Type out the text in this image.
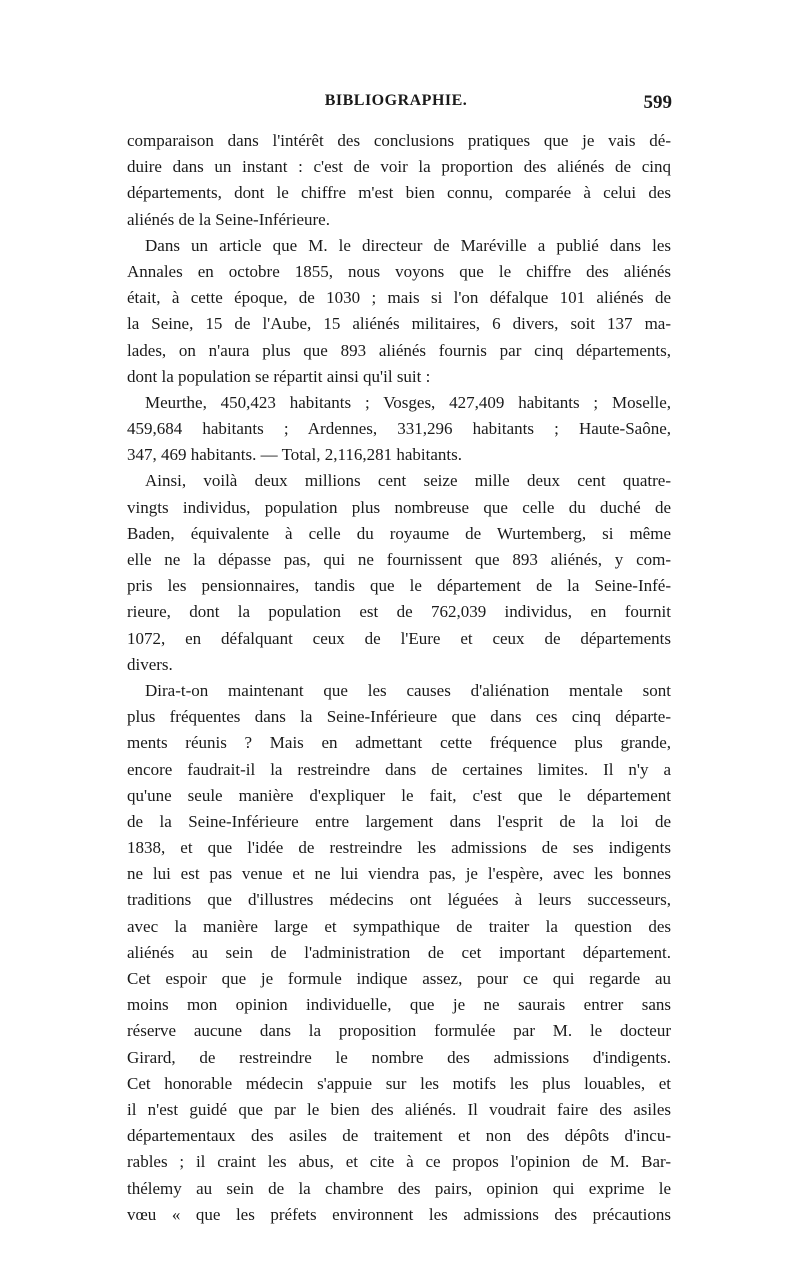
BIBLIOGRAPHIE.	599
comparaison dans l'intérêt des conclusions pratiques que je vais dé-
duire dans un instant : c'est de voir la proportion des aliénés de cinq
départements, dont le chiffre m'est bien connu, comparée à celui des
aliénés de la Seine-Inférieure.
Dans un article que M. le directeur de Maréville a publié dans les
Annales en octobre 1855, nous voyons que le chiffre des aliénés
était, à cette époque, de 1030 ; mais si l'on défalque 101 aliénés de
la Seine, 15 de l'Aube, 15 aliénés militaires, 6 divers, soit 137 ma-
lades, on n'aura plus que 893 aliénés fournis par cinq départements,
dont la population se répartit ainsi qu'il suit :
Meurthe, 450,423 habitants ; Vosges, 427,409 habitants ; Moselle,
459,684 habitants ; Ardennes, 331,296 habitants ; Haute-Saône,
347, 469 habitants. — Total, 2,116,281 habitants.
Ainsi, voilà deux millions cent seize mille deux cent quatre-
vingts individus, population plus nombreuse que celle du duché de
Baden, équivalente à celle du royaume de Wurtemberg, si même
elle ne la dépasse pas, qui ne fournissent que 893 aliénés, y com-
pris les pensionnaires, tandis que le département de la Seine-Infé-
rieure, dont la population est de 762,039 individus, en fournit
1072, en défalquant ceux de l'Eure et ceux de départements
divers.
Dira-t-on maintenant que les causes d'aliénation mentale sont
plus fréquentes dans la Seine-Inférieure que dans ces cinq départe-
ments réunis ? Mais en admettant cette fréquence plus grande,
encore faudrait-il la restreindre dans de certaines limites. Il n'y a
qu'une seule manière d'expliquer le fait, c'est que le département
de la Seine-Inférieure entre largement dans l'esprit de la loi de
1838, et que l'idée de restreindre les admissions de ses indigents
ne lui est pas venue et ne lui viendra pas, je l'espère, avec les bonnes
traditions que d'illustres médecins ont léguées à leurs successeurs,
avec la manière large et sympathique de traiter la question des
aliénés au sein de l'administration de cet important département.
Cet espoir que je formule indique assez, pour ce qui regarde au
moins mon opinion individuelle, que je ne saurais entrer sans
réserve aucune dans la proposition formulée par M. le docteur
Girard, de restreindre le nombre des admissions d'indigents.
Cet honorable médecin s'appuie sur les motifs les plus louables, et
il n'est guidé que par le bien des aliénés. Il voudrait faire des asiles
départementaux des asiles de traitement et non des dépôts d'incu-
rables ; il craint les abus, et cite à ce propos l'opinion de M. Bar-
thélemy au sein de la chambre des pairs, opinion qui exprime le
vœu « que les préfets environnent les admissions des précautions
